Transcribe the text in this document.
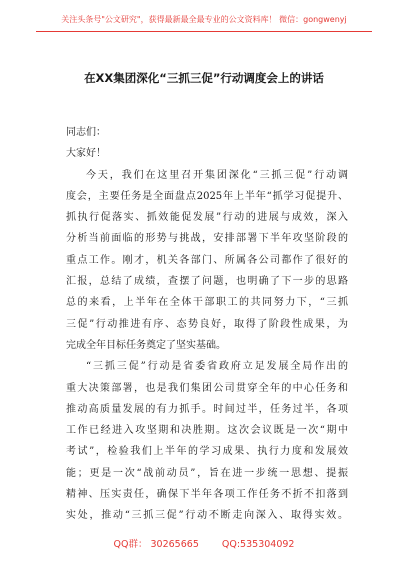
关注头条号"公文研究"，获得最新最全最专业的公文资料库！ 微信：gongwenyj
在XX集团深化“三抓三促”行动调度会上的讲话
同志们：
大家好！
今天，我们在这里召开集团深化“三抓三促”行动调
度会，主要任务是全面盘点2025年上半年“抓学习促提升、
抓执行促落实、抓效能促发展”行动的进展与成效，深入
分析当前面临的形势与挑战，安排部署下半年攻坚阶段的
重点工作。刚才，机关各部门、所属各公司都作了很好的
汇报，总结了成绩，查摆了问题，也明确了下一步的思路
总的来看，上半年在全体干部职工的共同努力下，“三抓
三促”行动推进有序、态势良好，取得了阶段性成果，为
完成全年目标任务奠定了坚实基础。
“三抓三促”行动是省委省政府立足发展全局作出的
重大决策部署，也是我们集团公司贯穿全年的中心任务和
推动高质量发展的有力抓手。时间过半，任务过半，各项
工作已经进入攻坚期和决胜期。这次会议既是一次“期中
考试”，检验我们上半年的学习成果、执行力度和发展效
能；更是一次“战前动员”，旨在进一步统一思想、提振
精神、压实责任，确保下半年各项工作任务不折不扣落到
实处，推动“三抓三促”行动不断走向深入、取得实效。
QQ群： 30265665 QQ:535304092
